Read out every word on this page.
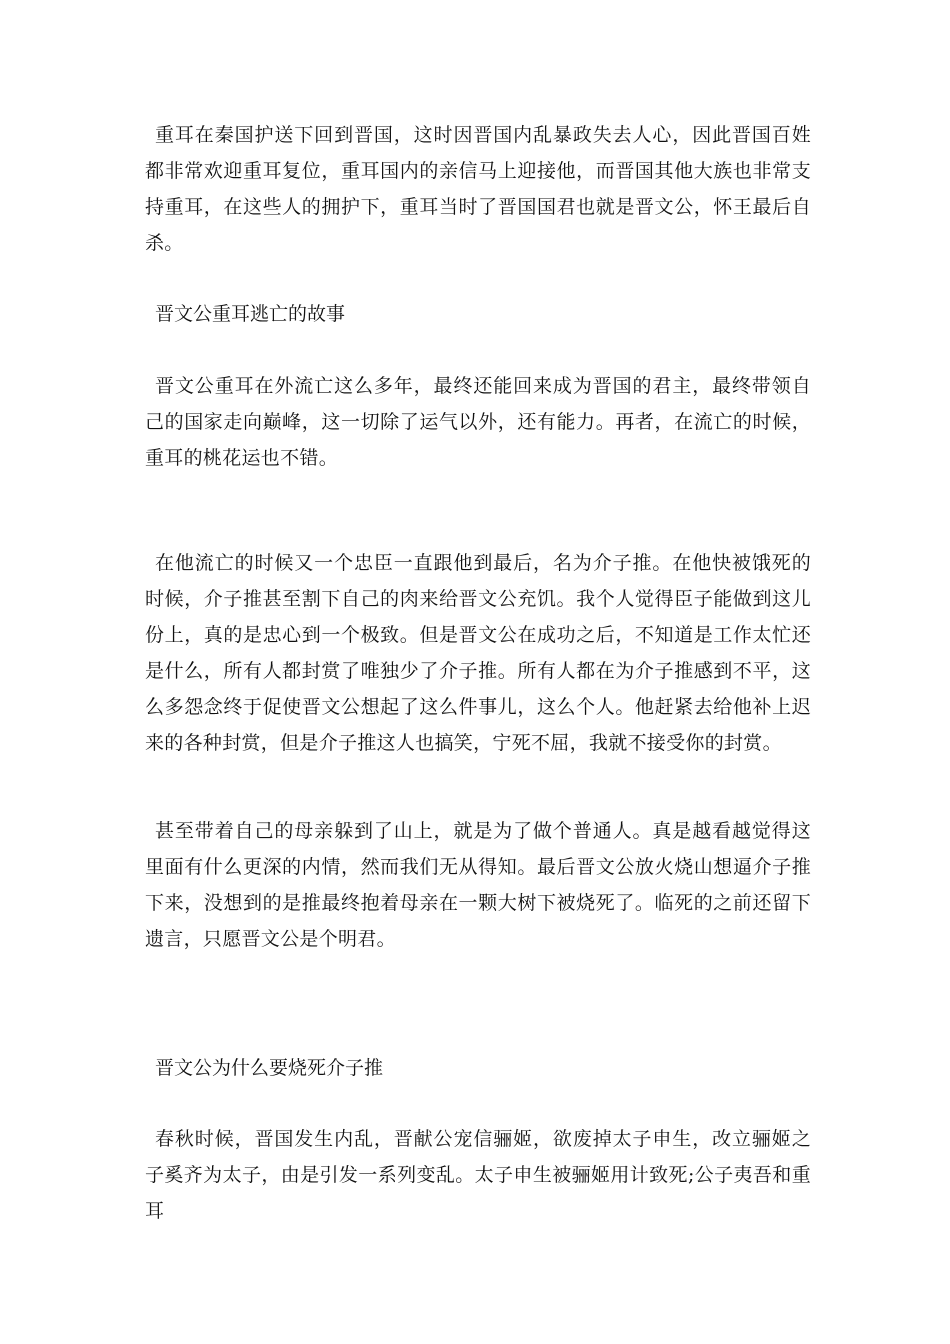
重耳在秦国护送下回到晋国，这时因晋国内乱暴政失去人心，因此晋国百姓都非常欢迎重耳复位，重耳国内的亲信马上迎接他，而晋国其他大族也非常支持重耳，在这些人的拥护下，重耳当时了晋国国君也就是晋文公，怀王最后自杀。

晋文公重耳逃亡的故事

晋文公重耳在外流亡这么多年，最终还能回来成为晋国的君主，最终带领自己的国家走向巅峰，这一切除了运气以外，还有能力。再者，在流亡的时候，重耳的桃花运也不错。

在他流亡的时候又一个忠臣一直跟他到最后，名为介子推。在他快被饿死的时候，介子推甚至割下自己的肉来给晋文公充饥。我个人觉得臣子能做到这儿份上，真的是忠心到一个极致。但是晋文公在成功之后，不知道是工作太忙还是什么，所有人都封赏了唯独少了介子推。所有人都在为介子推感到不平，这么多怨念终于促使晋文公想起了这么件事儿，这么个人。他赶紧去给他补上迟来的各种封赏，但是介子推这人也搞笑，宁死不屈，我就不接受你的封赏。

甚至带着自己的母亲躲到了山上，就是为了做个普通人。真是越看越觉得这里面有什么更深的内情，然而我们无从得知。最后晋文公放火烧山想逼介子推下来，没想到的是推最终抱着母亲在一颗大树下被烧死了。临死的之前还留下遗言，只愿晋文公是个明君。

晋文公为什么要烧死介子推

春秋时候，晋国发生内乱，晋献公宠信骊姬，欲废掉太子申生，改立骊姬之子奚齐为太子，由是引发一系列变乱。太子申生被骊姬用计致死;公子夷吾和重耳
